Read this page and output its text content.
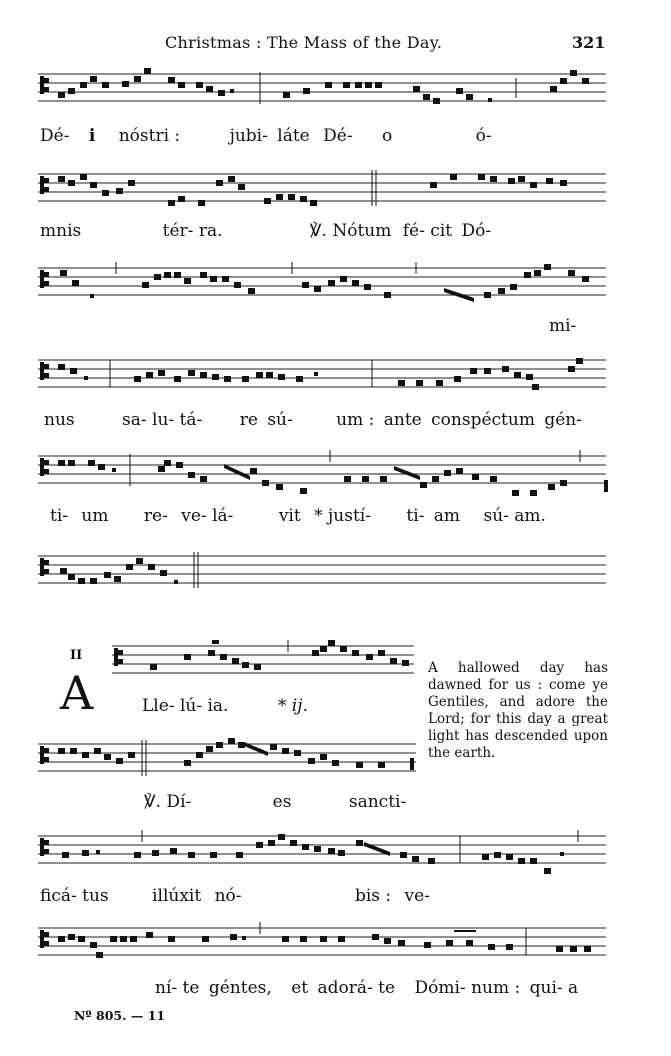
Christmas : The Mass of the Day.	321
Dé- i nóstri :	jubi- láte Dé- o	ó-
mnis	tér- ra.	℣. Nótum fé- cit Dó-
mi-
nus	sa- lu- tá- re sú-	um : ante conspéctum gén-
ti- um re- ve- lá-	vit * justí- ti- am sú- am.
II
A	Lle- lú- ia.	* ij.
A hallowed day has dawned for us : come ye Gentiles, and adore the Lord; for this day a great light has descended upon the earth.
℣. Dí-	es	sancti-
ficá- tus	illúxit nó-	bis : ve-
ní- te géntes, et adorá- te Dómi- num : qui- a
Nº 805. — 11
